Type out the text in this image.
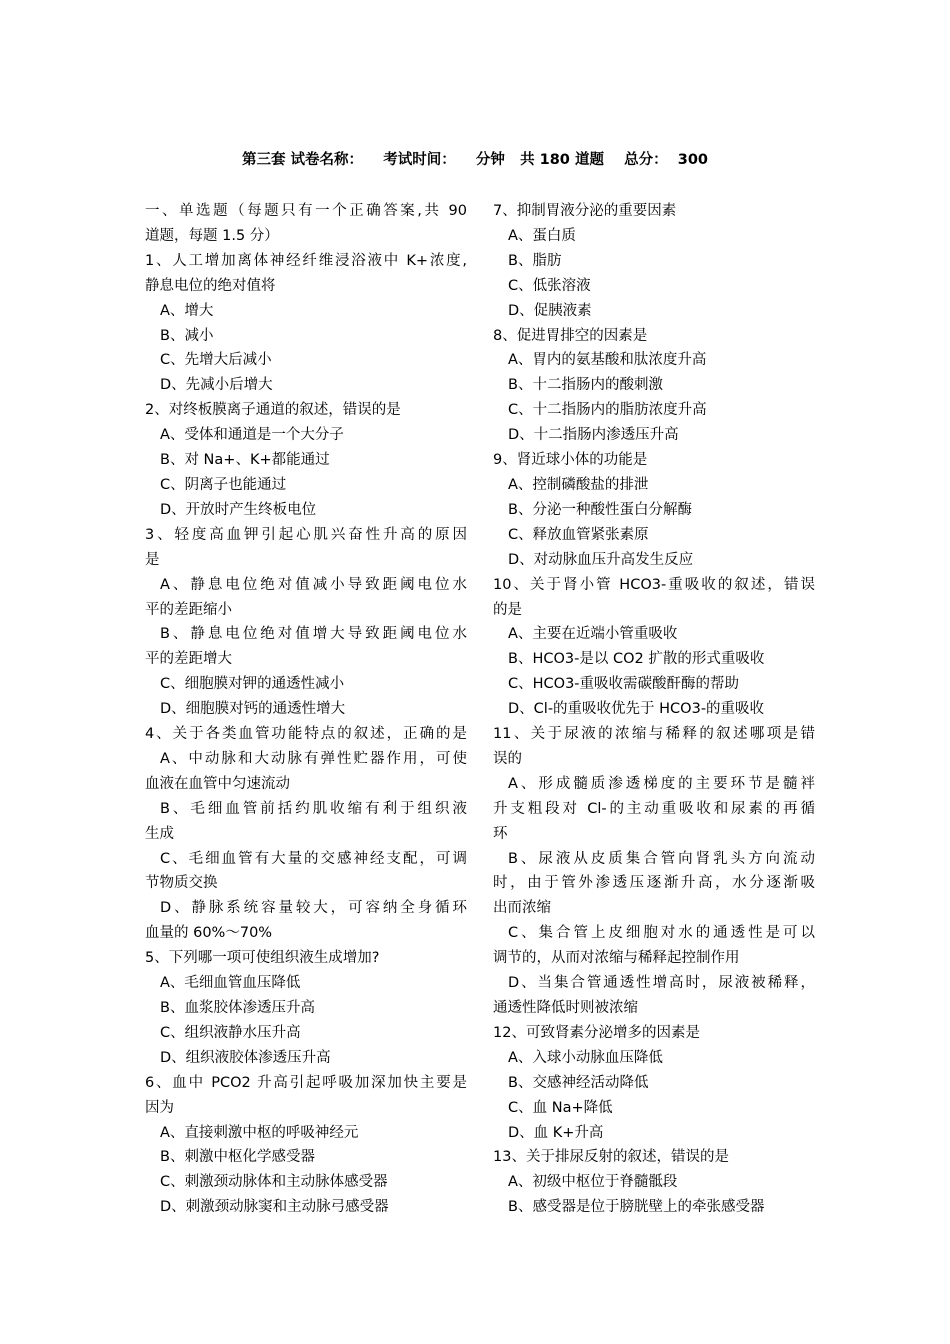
第三套 试卷名称：    考试时间：    分钟   共 180 道题    总分：  300
一、单选题（每题只有一个正确答案,共 90
道题，每题 1.5 分）
1、人工增加离体神经纤维浸浴液中 K+浓度,
静息电位的绝对值将
A、增大
B、减小
C、先增大后减小
D、先减小后增大
2、对终板膜离子通道的叙述，错误的是
A、受体和通道是一个大分子
B、对 Na+、K+都能通过
C、阴离子也能通过
D、开放时产生终板电位
3、轻度高血钾引起心肌兴奋性升高的原因
是
A、静息电位绝对值减小导致距阈电位水
平的差距缩小
B、静息电位绝对值增大导致距阈电位水
平的差距增大
C、细胞膜对钾的通透性减小
D、细胞膜对钙的通透性增大
4、关于各类血管功能特点的叙述，正确的是
A、中动脉和大动脉有弹性贮器作用，可使
血液在血管中匀速流动
B、毛细血管前括约肌收缩有利于组织液
生成
C、毛细血管有大量的交感神经支配，可调
节物质交换
D、静脉系统容量较大，可容纳全身循环
血量的 60%～70%
5、下列哪一项可使组织液生成增加?
A、毛细血管血压降低
B、血浆胶体渗透压升高
C、组织液静水压升高
D、组织液胶体渗透压升高
6、血中 PCO2 升高引起呼吸加深加快主要是
因为
A、直接刺激中枢的呼吸神经元
B、刺激中枢化学感受器
C、刺激颈动脉体和主动脉体感受器
D、刺激颈动脉窦和主动脉弓感受器
7、抑制胃液分泌的重要因素
A、蛋白质
B、脂肪
C、低张溶液
D、促胰液素
8、促进胃排空的因素是
A、胃内的氨基酸和肽浓度升高
B、十二指肠内的酸刺激
C、十二指肠内的脂肪浓度升高
D、十二指肠内渗透压升高
9、肾近球小体的功能是
A、控制磷酸盐的排泄
B、分泌一种酸性蛋白分解酶
C、释放血管紧张素原
D、对动脉血压升高发生反应
10、关于肾小管 HCO3-重吸收的叙述，错误
的是
A、主要在近端小管重吸收
B、HCO3-是以 CO2 扩散的形式重吸收
C、HCO3-重吸收需碳酸酐酶的帮助
D、Cl-的重吸收优先于 HCO3-的重吸收
11、关于尿液的浓缩与稀释的叙述哪项是错
误的
A、形成髓质渗透梯度的主要环节是髓袢
升支粗段对 Cl-的主动重吸收和尿素的再循
环
B、尿液从皮质集合管向肾乳头方向流动
时，由于管外渗透压逐渐升高，水分逐渐吸
出而浓缩
C、集合管上皮细胞对水的通透性是可以
调节的，从而对浓缩与稀释起控制作用
D、当集合管通透性增高时，尿液被稀释，
通透性降低时则被浓缩
12、可致肾素分泌增多的因素是
A、入球小动脉血压降低
B、交感神经活动降低
C、血 Na+降低
D、血 K+升高
13、关于排尿反射的叙述，错误的是
A、初级中枢位于脊髓骶段
B、感受器是位于膀胱壁上的牵张感受器
